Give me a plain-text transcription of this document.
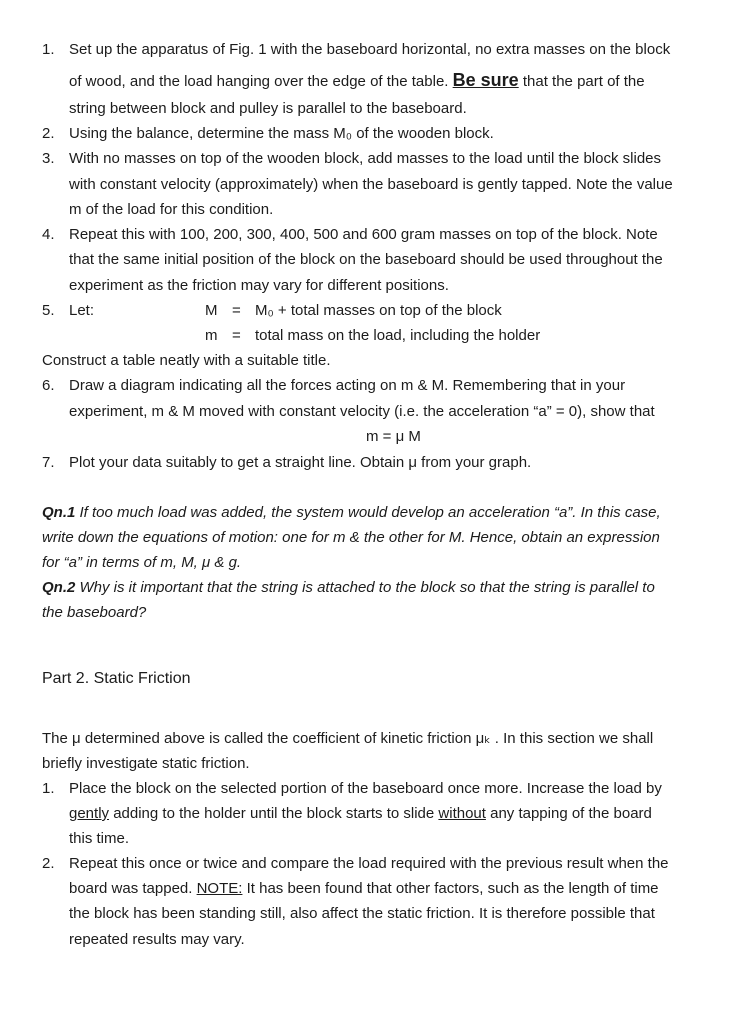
1. Set up the apparatus of Fig. 1 with the baseboard horizontal, no extra masses on the block
of wood, and the load hanging over the edge of the table. Be sure that the part of the
string between block and pulley is parallel to the baseboard.
2. Using the balance, determine the mass M₀ of the wooden block.
3. With no masses on top of the wooden block, add masses to the load until the block slides
with constant velocity (approximately) when the baseboard is gently tapped. Note the value
m of the load for this condition.
4. Repeat this with 100, 200, 300, 400, 500 and 600 gram masses on top of the block. Note
that the same initial position of the block on the baseboard should be used throughout the
experiment as the friction may vary for different positions.
5. Let:	M = M₀ + total masses on top of the block
m = total mass on the load, including the holder
Construct a table neatly with a suitable title.
6. Draw a diagram indicating all the forces acting on m & M. Remembering that in your
experiment, m & M moved with constant velocity (i.e. the acceleration “a” = 0), show that
m = μ M
7. Plot your data suitably to get a straight line. Obtain μ from your graph.
Qn.1 If too much load was added, the system would develop an acceleration “a”. In this case,
write down the equations of motion: one for m & the other for M. Hence, obtain an expression
for “a” in terms of m, M, μ & g.
Qn.2 Why is it important that the string is attached to the block so that the string is parallel to
the baseboard?
Part 2. Static Friction
The μ determined above is called the coefficient of kinetic friction μₖ . In this section we shall
briefly investigate static friction.
1. Place the block on the selected portion of the baseboard once more. Increase the load by
gently adding to the holder until the block starts to slide without any tapping of the board
this time.
2. Repeat this once or twice and compare the load required with the previous result when the
board was tapped. NOTE: It has been found that other factors, such as the length of time
the block has been standing still, also affect the static friction. It is therefore possible that
repeated results may vary.
